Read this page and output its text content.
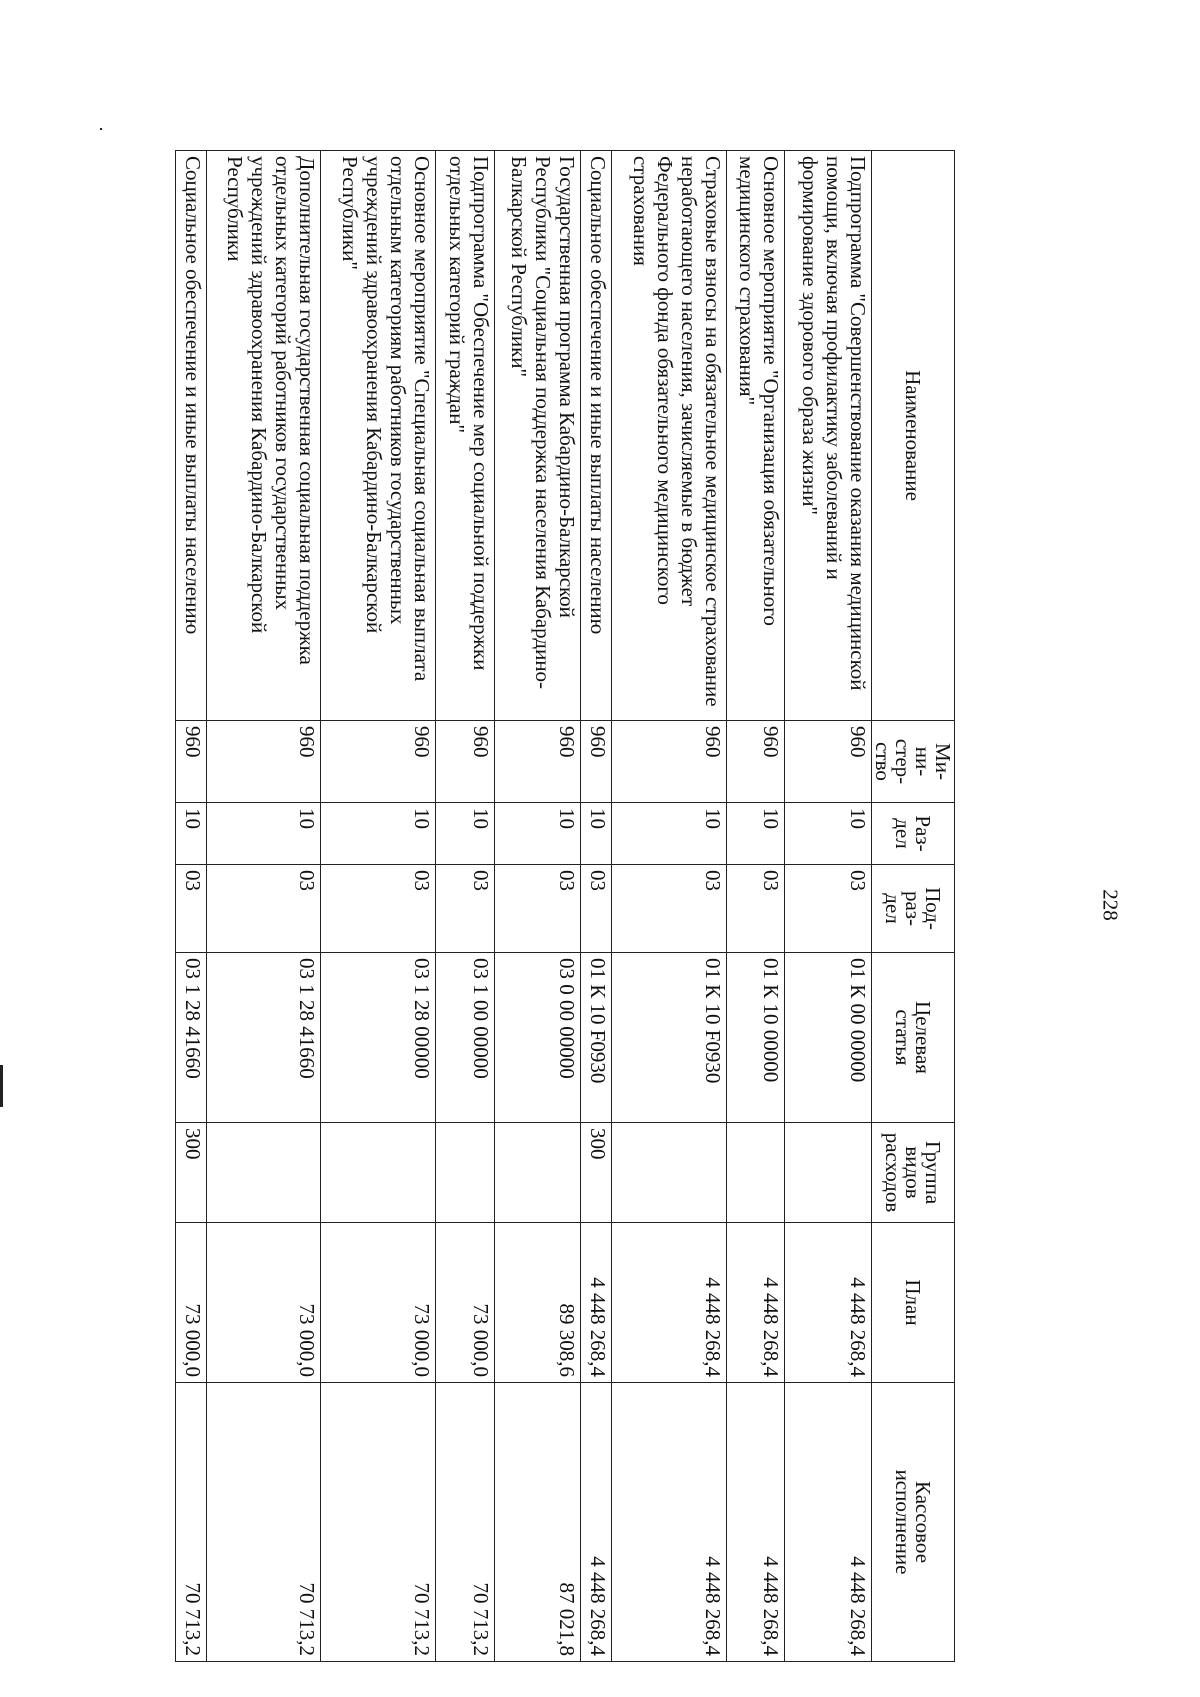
228
Наименование	Ми-
ни-
стер-
ство	Раз-
дел	Под-
раз-
дел	Целевая
статья	Группа
видов
расходов	План	Кассовое
исполнение
Подпрограмма "Совершенствование оказания медицинской помощи, включая профилактику заболеваний и формирование здорового образа жизни"	960	10	03	01 К 00 00000		4 448 268,4	4 448 268,4
Основное мероприятие "Организация обязательного медицинского страхования"	960	10	03	01 К 10 00000		4 448 268,4	4 448 268,4
Страховые взносы на обязательное медицинское страхование неработающего населения, зачисляемые в бюджет Федерального фонда обязательного медицинского страхования	960	10	03	01 К 10 F0930		4 448 268,4	4 448 268,4
Социальное обеспечение и иные выплаты населению	960	10	03	01 К 10 F0930	300	4 448 268,4	4 448 268,4
Государственная программа Кабардино-Балкарской Республики "Социальная поддержка населения Кабардино-Балкарской Республики"	960	10	03	03 0 00 00000		89 308,6	87 021,8
Подпрограмма "Обеспечение мер социальной поддержки отдельных категорий граждан"	960	10	03	03 1 00 00000		73 000,0	70 713,2
Основное мероприятие "Специальная социальная выплата отдельным категориям работников государственных учреждений здравоохранения Кабардино-Балкарской Республики"	960	10	03	03 1 28 00000		73 000,0	70 713,2
Дополнительная государственная социальная поддержка отдельных категорий работников государственных учреждений здравоохранения Кабардино-Балкарской Республики	960	10	03	03 1 28 41660		73 000,0	70 713,2
Социальное обеспечение и иные выплаты населению	960	10	03	03 1 28 41660	300	73 000,0	70 713,2
